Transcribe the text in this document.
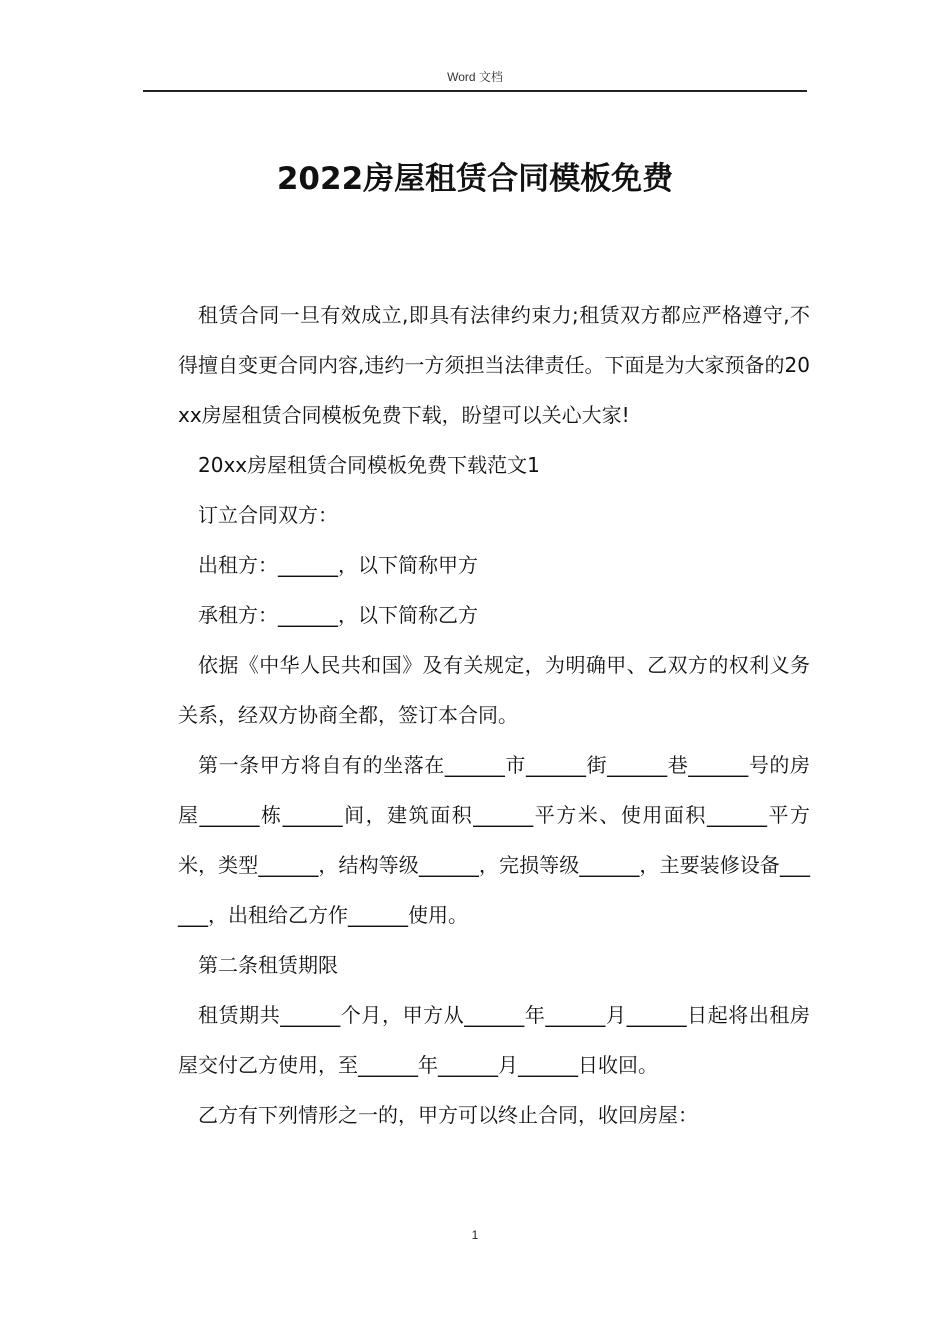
Word 文档
2022房屋租赁合同模板免费

租赁合同一旦有效成立,即具有法律约束力;租赁双方都应严格遵守,不得擅自变更合同内容,违约一方须担当法律责任。下面是为大家预备的20xx房屋租赁合同模板免费下载，盼望可以关心大家!

20xx房屋租赁合同模板免费下载范文1

订立合同双方：

出租方：______，以下简称甲方

承租方：______，以下简称乙方

依据《中华人民共和国》及有关规定，为明确甲、乙双方的权利义务关系，经双方协商全都，签订本合同。

第一条甲方将自有的坐落在______市______街______巷______号的房屋______栋______间，建筑面积______平方米、使用面积______平方米，类型______，结构等级______，完损等级______，主要装修设备______，出租给乙方作______使用。

第二条租赁期限

租赁期共______个月，甲方从______年______月______日起将出租房屋交付乙方使用，至______年______月______日收回。

乙方有下列情形之一的，甲方可以终止合同，收回房屋：

1
